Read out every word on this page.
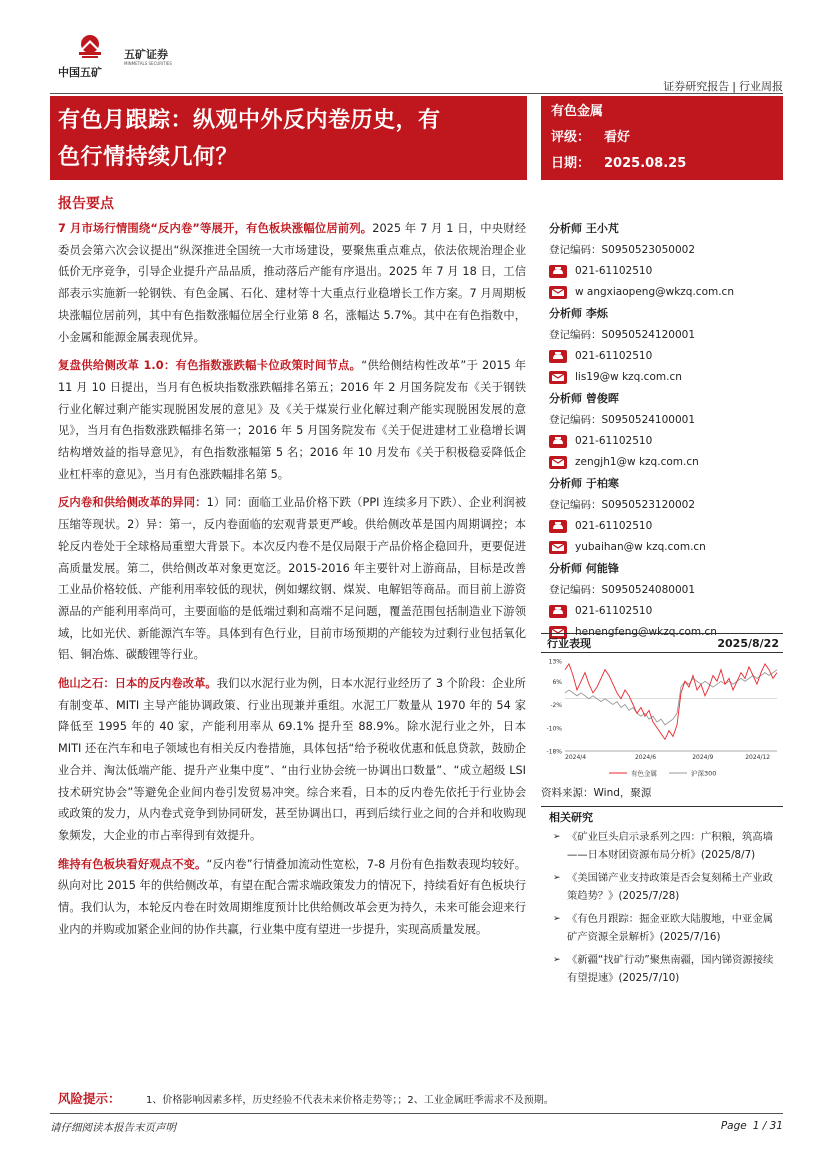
中国五矿
五矿证券
MINMETALS SECURITIES
证券研究报告 | 行业周报
有色月跟踪：纵观中外反内卷历史，有
色行情持续几何？
有色金属
评级： 看好
日期： 2025.08.25
报告要点

7 月市场行情围绕“反内卷”等展开，有色板块涨幅位居前列。2025 年 7 月 1 日，中央财经委员会第六次会议提出“纵深推进全国统一大市场建设，要聚焦重点难点，依法依规治理企业低价无序竞争，引导企业提升产品品质，推动落后产能有序退出。2025 年 7 月 18 日，工信部表示实施新一轮钢铁、有色金属、石化、建材等十大重点行业稳增长工作方案。7 月周期板块涨幅位居前列，其中有色指数涨幅位居全行业第 8 名，涨幅达 5.7%。其中在有色指数中，小金属和能源金属表现优异。

复盘供给侧改革 1.0：有色指数涨跌幅卡位政策时间节点。“供给侧结构性改革”于 2015 年 11 月 10 日提出，当月有色板块指数涨跌幅排名第五；2016 年 2 月国务院发布《关于钢铁行业化解过剩产能实现脱困发展的意见》及《关于煤炭行业化解过剩产能实现脱困发展的意见》，当月有色指数涨跌幅排名第一；2016 年 5 月国务院发布《关于促进建材工业稳增长调结构增效益的指导意见》，有色指数涨幅第 5 名；2016 年 10 月发布《关于积极稳妥降低企业杠杆率的意见》，当月有色涨跌幅排名第 5。

反内卷和供给侧改革的异同：1）同：面临工业品价格下跌（PPI 连续多月下跌）、企业利润被压缩等现状。2）异：第一，反内卷面临的宏观背景更严峻。供给侧改革是国内周期调控；本轮反内卷处于全球格局重塑大背景下。本次反内卷不是仅局限于产品价格企稳回升，更要促进高质量发展。第二，供给侧改革对象更宽泛。2015-2016 年主要针对上游商品，目标是改善工业品价格较低、产能利用率较低的现状，例如螺纹钢、煤炭、电解铝等商品。而目前上游资源品的产能利用率尚可，主要面临的是低端过剩和高端不足问题，覆盖范围包括制造业下游领域，比如光伏、新能源汽车等。具体到有色行业，目前市场预期的产能较为过剩行业包括氧化铝、铜冶炼、碳酸锂等行业。

他山之石：日本的反内卷改革。我们以水泥行业为例，日本水泥行业经历了 3 个阶段：企业所有制变革、MITI 主导产能协调政策、行业出现兼并重组。水泥工厂数量从 1970 年的 54 家降低至 1995 年的 40 家，产能利用率从 69.1% 提升至 88.9%。除水泥行业之外，日本 MITI 还在汽车和电子领域也有相关反内卷措施，具体包括“给予税收优惠和低息贷款，鼓励企业合并、淘汰低端产能、提升产业集中度”、“由行业协会统一协调出口数量”、“成立超级 LSI 技术研究协会”等避免企业间内卷引发贸易冲突。综合来看，日本的反内卷先依托于行业协会或政策的发力，从内卷式竞争到协同研发，甚至协调出口，再到后续行业之间的合并和收购现象频发，大企业的市占率得到有效提升。

维持有色板块看好观点不变。“反内卷”行情叠加流动性宽松，7-8 月份有色指数表现均较好。纵向对比 2015 年的供给侧改革，有望在配合需求端政策发力的情况下，持续看好有色板块行情。我们认为，本轮反内卷在时效周期维度预计比供给侧改革会更为持久，未来可能会迎来行业内的并购或加紧企业间的协作共赢，行业集中度有望进一步提升，实现高质量发展。

分析师 王小芃
登记编码：S0950523050002
021-61102510
w angxiaopeng@wkzq.com.cn
分析师 李烁
登记编码：S0950524120001
021-61102510
lis19@w kzq.com.cn
分析师 曾俊晖
登记编码：S0950524100001
021-61102510
zengjh1@w kzq.com.cn
分析师 于柏寒
登记编码：S0950523120002
021-61102510
yubaihan@w kzq.com.cn
分析师 何能锋
登记编码：S0950524080001
021-61102510
henengfeng@wkzq.com.cn
行业表现	2025/8/22
13%
6%
-2%
-10%
-18%
2024/4	2024/6	2024/9	2024/12
有色金属	沪深300
资料来源：Wind，聚源
相关研究
➢ 《矿业巨头启示录系列之四：广积粮，筑高墙——日本财团资源布局分析》(2025/8/7)
➢ 《美国锑产业支持政策是否会复刻稀土产业政策趋势？》(2025/7/28)
➢ 《有色月跟踪：掘金亚欧大陆腹地，中亚金属矿产资源全景解析》(2025/7/16)
➢ 《新疆“找矿行动”聚焦南疆，国内锑资源接续有望提速》(2025/7/10)
风险提示：	1、价格影响因素多样，历史经验不代表未来价格走势等；；2、工业金属旺季需求不及预期。
请仔细阅读本报告末页声明	Page 1 / 31
